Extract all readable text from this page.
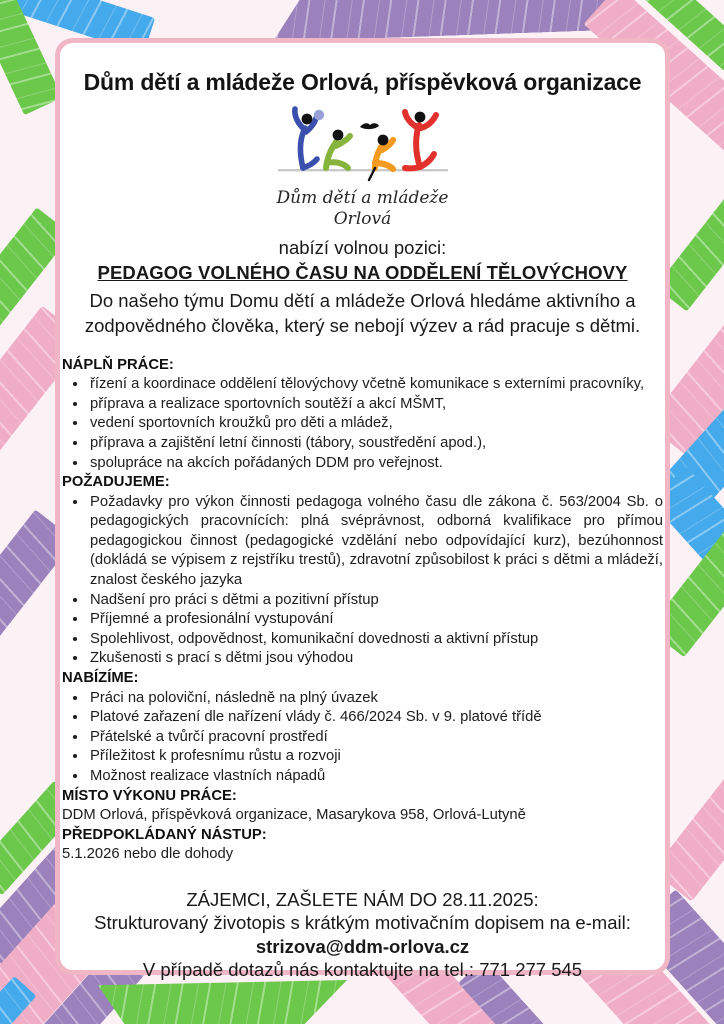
Dům dětí a mládeže Orlová, příspěvková organizace
Dům dětí a mládeže
Orlová

nabízí volnou pozici:

PEDAGOG VOLNÉHO ČASU NA ODDĚLENÍ TĚLOVÝCHOVY

Do našeho týmu Domu dětí a mládeže Orlová hledáme aktivního a zodpovědného člověka, který se nebojí výzev a rád pracuje s dětmi.

NÁPLŇ PRÁCE:
• řízení a koordinace oddělení tělovýchovy včetně komunikace s externími pracovníky,
• příprava a realizace sportovních soutěží a akcí MŠMT,
• vedení sportovních kroužků pro děti a mládež,
• příprava a zajištění letní činnosti (tábory, soustředění apod.),
• spolupráce na akcích pořádaných DDM pro veřejnost.
POŽADUJEME:
• Požadavky pro výkon činnosti pedagoga volného času dle zákona č. 563/2004 Sb. o pedagogických pracovnících: plná svéprávnost, odborná kvalifikace pro přímou pedagogickou činnost (pedagogické vzdělání nebo odpovídající kurz), bezúhonnost (dokládá se výpisem z rejstříku trestů), zdravotní způsobilost k práci s dětmi a mládeží, znalost českého jazyka
• Nadšení pro práci s dětmi a pozitivní přístup
• Příjemné a profesionální vystupování
• Spolehlivost, odpovědnost, komunikační dovednosti a aktivní přístup
• Zkušenosti s prací s dětmi jsou výhodou
NABÍZÍME:
• Práci na poloviční, následně na plný úvazek
• Platové zařazení dle nařízení vlády č. 466/2024 Sb. v 9. platové třídě
• Přátelské a tvůrčí pracovní prostředí
• Příležitost k profesnímu růstu a rozvoji
• Možnost realizace vlastních nápadů
MÍSTO VÝKONU PRÁCE:

DDM Orlová, příspěvková organizace, Masarykova 958, Orlová-Lutyně

PŘEDPOKLÁDANÝ NÁSTUP:

5.1.2026 nebo dle dohody

ZÁJEMCI, ZAŠLETE NÁM DO 28.11.2025:
Strukturovaný životopis s krátkým motivačním dopisem na e-mail:
strizova@ddm-orlova.cz
V případě dotazů nás kontaktujte na tel.: 771 277 545
